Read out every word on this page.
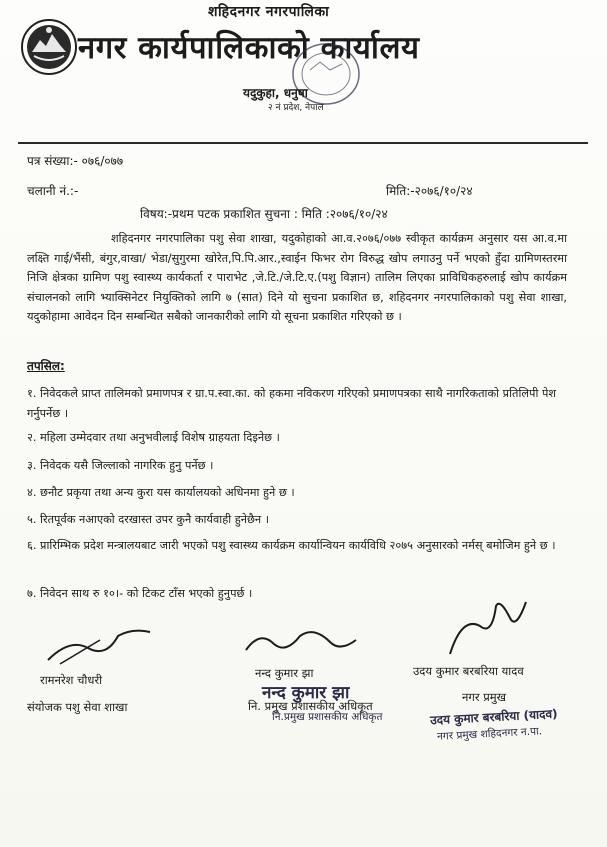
शहिदनगर नगरपालिका
नगर कार्यपालिकाको कार्यालय
यदुकुहा, धनुषा
२ नं प्रदेश, नेपाल
पत्र संख्या:- ०७६/०७७
चलानी नं.:-	मिति:-२०७६/१०/२४
विषय:-प्रथम पटक प्रकाशित सुचना : मिति :२०७६/१०/२४
शहिदनगर नगरपालिका पशु सेवा शाखा, यदुकोहाको आ.व.२०७६/०७७ स्वीकृत कार्यक्रम अनुसार यस आ.व.मा लक्ष्ति गाई/भैंसी, बंगुर,वाखा/ भेडा/सुगुरमा खोरेत,पि.पि.आर.,स्वाईन फिभर रोग विरुद्ध खोप लगाउनु पर्ने भएको हुँदा ग्रामिणस्तरमा निजि क्षेत्रका ग्रामिण पशु स्वास्थ्य कार्यकर्ता र पाराभेट ,जे.टि./जे.टि.ए.(पशु विज्ञान) तालिम लिएका प्राविधिकहरुलाई खोप कार्यक्रम संचालनको लागि भ्याक्सिनेटर नियुक्तिको लागि ७ (सात) दिने यो सुचना प्रकाशित छ, शहिदनगर नगरपालिकाको पशु सेवा शाखा, यदुकोहामा आवेदन दिन सम्बन्धित सबैको जानकारीको लागि यो सूचना प्रकाशित गरिएको छ ।
तपसिल:
१. निवेदकले प्राप्त तालिमको प्रमाणपत्र र ग्रा.प.स्वा.का. को हकमा नविकरण गरिएको प्रमाणपत्रका साथै नागरिकताको प्रतिलिपी पेश गर्नुपर्नेछ ।
२. महिला उम्मेदवार तथा अनुभवीलाई विशेष ग्राहयता दिइनेछ ।
३. निवेदक यसै जिल्लाको नागरिक हुनु पर्नेछ ।
४. छनौट प्रकृया तथा अन्य कुरा यस कार्यालयको अधिनमा हुने छ ।
५. रितपूर्वक नआएको दरखास्त उपर कुनै कार्यवाही हुनेछैन ।
६. प्रारिम्भिक प्रदेश मन्त्रालयबाट जारी भएको पशु स्वास्थ्य कार्यक्रम कार्यान्वियन कार्यविधि २०७५ अनुसारको नर्मस् बमोजिम हुने छ ।
७. निवेदन साथ रु १०।- को टिकट टाँस भएको हुनुपर्छ ।
रामनरेश चौधरी
संयोजक पशु सेवा शाखा
नन्द कुमार झा
नन्द कुमार झा
नि. प्रमुख प्रशासकीय अधिकृत
नि.प्रमुख प्रशासकीय अधिकृत
उदय कुमार बरबरिया यादव
नगर प्रमुख
उदय कुमार बरबरिया (यादव)
नगर प्रमुख शहिदनगर न.पा.
